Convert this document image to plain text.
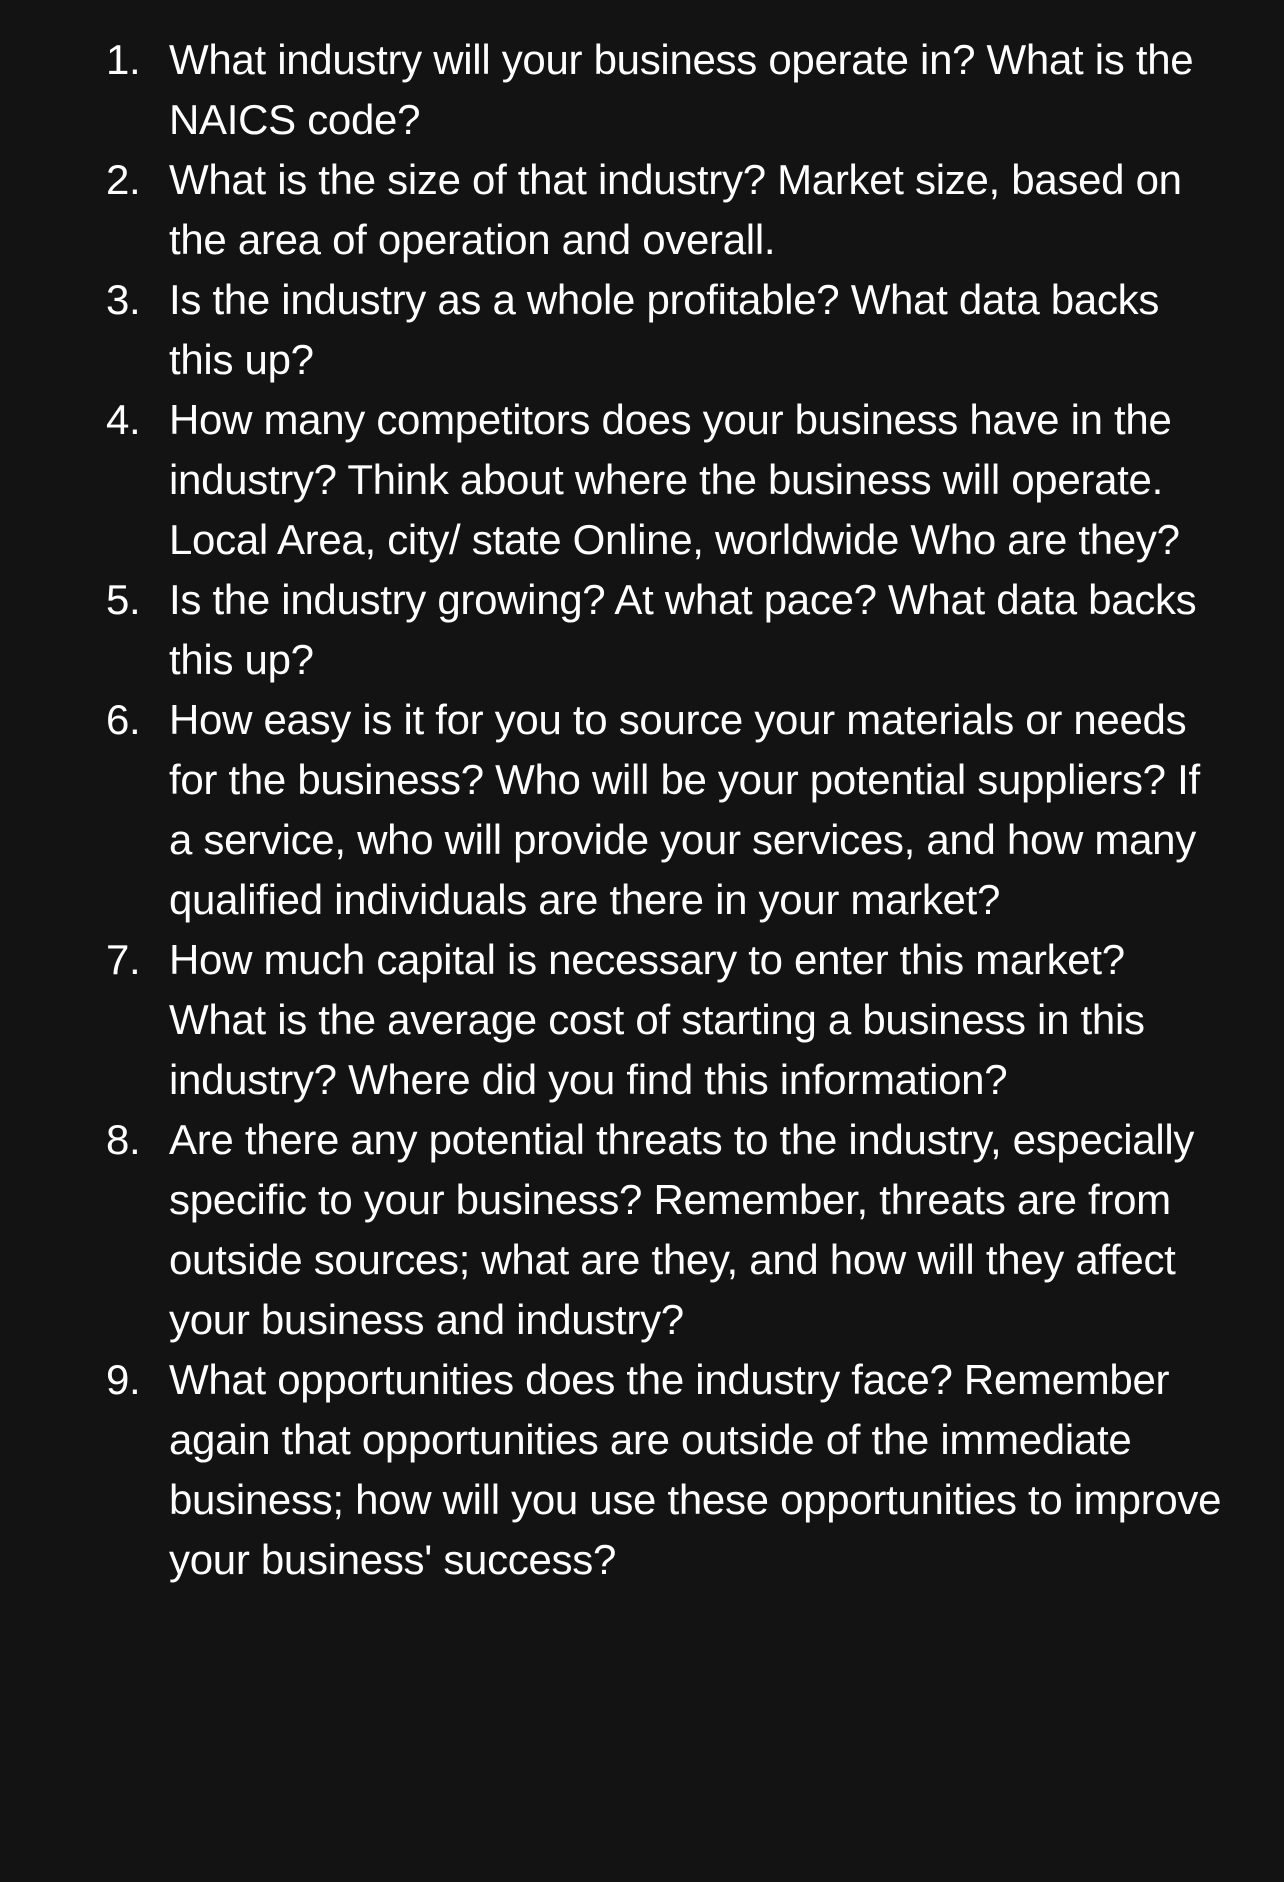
1. What industry will your business operate in? What is the NAICS code?
2. What is the size of that industry? Market size, based on the area of operation and overall.
3. Is the industry as a whole profitable? What data backs this up?
4. How many competitors does your business have in the industry? Think about where the business will operate. Local Area, city/ state Online, worldwide Who are they?
5. Is the industry growing? At what pace? What data backs this up?
6. How easy is it for you to source your materials or needs for the business? Who will be your potential suppliers? If a service, who will provide your services, and how many qualified individuals are there in your market?
7. How much capital is necessary to enter this market? What is the average cost of starting a business in this industry? Where did you find this information?
8. Are there any potential threats to the industry, especially specific to your business? Remember, threats are from outside sources; what are they, and how will they affect your business and industry?
9. What opportunities does the industry face? Remember again that opportunities are outside of the immediate business; how will you use these opportunities to improve your business' success?
